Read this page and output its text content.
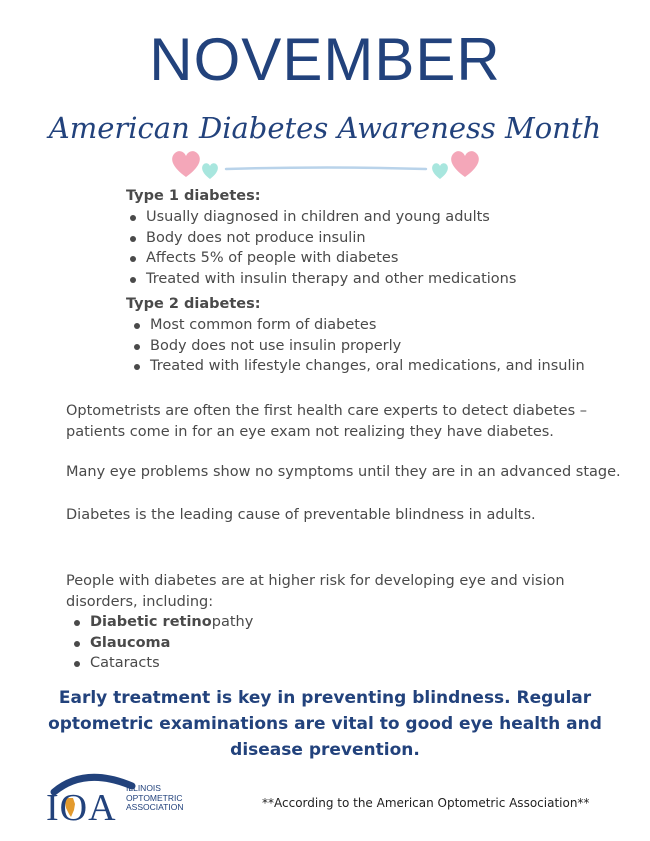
NOVEMBER
American Diabetes Awareness Month
Type 1 diabetes:
Usually diagnosed in children and young adults
Body does not produce insulin
Affects 5% of people with diabetes
Treated with insulin therapy and other medications
Type 2 diabetes:
Most common form of diabetes
Body does not use insulin properly
Treated with lifestyle changes, oral medications, and insulin
Optometrists are often the first health care experts to detect diabetes – patients come in for an eye exam not realizing they have diabetes.
Many eye problems show no symptoms until they are in an advanced stage.
Diabetes is the leading cause of preventable blindness in adults.
People with diabetes are at higher risk for developing eye and vision disorders, including:
Diabetic retinopathy
Glaucoma
Cataracts
Early treatment is key in preventing blindness. Regular optometric examinations are vital to good eye health and disease prevention.
IOA ILLINOIS
OPTOMETRIC
ASSOCIATION	**According to the American Optometric Association**
